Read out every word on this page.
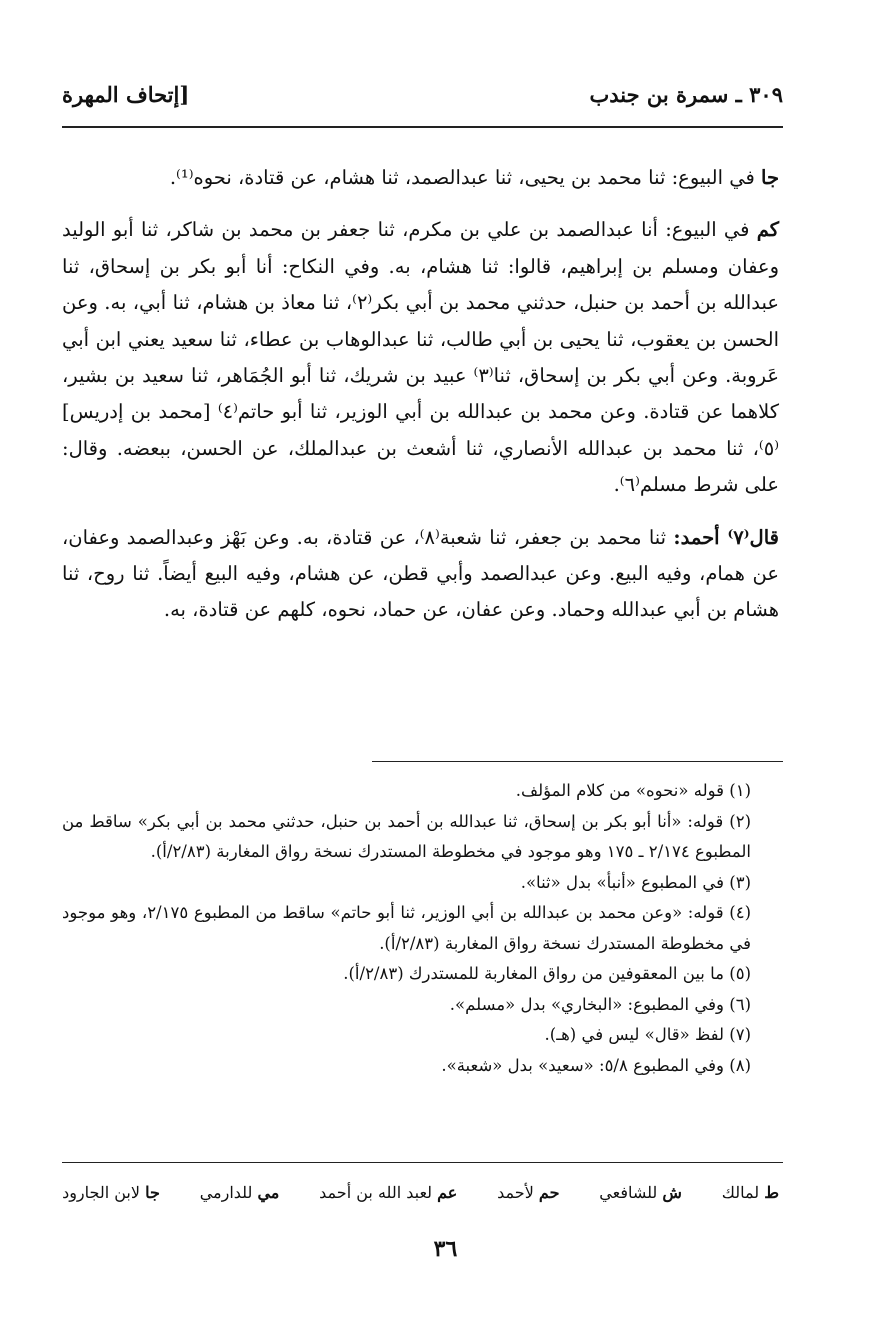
٣٠٩ ـ سمرة بن جندب
[إتحاف المهرة

جا في البيوع: ثنا محمد بن يحيى، ثنا عبدالصمد، ثنا هشام، عن قتادة، نحوه⁽¹⁾.

كم في البيوع: أنا عبدالصمد بن علي بن مكرم، ثنا جعفر بن محمد بن شاكر، ثنا أبو الوليد وعفان ومسلم بن إبراهيم، قالوا: ثنا هشام، به. وفي النكاح: أنا أبو بكر بن إسحاق، ثنا عبدالله بن أحمد بن حنبل، حدثني محمد بن أبي بكر⁽٢⁾، ثنا معاذ بن هشام، ثنا أبي، به. وعن الحسن بن يعقوب، ثنا يحيى بن أبي طالب، ثنا عبدالوهاب بن عطاء، ثنا سعيد يعني ابن أبي عَروبة. وعن أبي بكر بن إسحاق، ثنا⁽٣⁾ عبيد بن شريك، ثنا أبو الجُمَاهر، ثنا سعيد بن بشير، كلاهما عن قتادة. وعن محمد بن عبدالله بن أبي الوزير، ثنا أبو حاتم⁽٤⁾ [محمد بن إدريس]⁽٥⁾، ثنا محمد بن عبدالله الأنصاري، ثنا أشعث بن عبدالملك، عن الحسن، ببعضه. وقال: على شرط مسلم⁽٦⁾.

قال⁽٧⁾ أحمد: ثنا محمد بن جعفر، ثنا شعبة⁽٨⁾، عن قتادة، به. وعن بَهْز وعبدالصمد وعفان، عن همام، وفيه البيع. وعن عبدالصمد وأبي قطن، عن هشام، وفيه البيع أيضاً. ثنا روح، ثنا هشام بن أبي عبدالله وحماد. وعن عفان، عن حماد، نحوه، كلهم عن قتادة، به.

(١) قوله «نحوه» من كلام المؤلف.

(٢) قوله: «أنا أبو بكر بن إسحاق، ثنا عبدالله بن أحمد بن حنبل، حدثني محمد بن أبي بكر» ساقط من المطبوع ٢/١٧٤ ـ ١٧٥ وهو موجود في مخطوطة المستدرك نسخة رواق المغاربة (٢/٨٣/أ).

(٣) في المطبوع «أنبأ» بدل «ثنا».

(٤) قوله: «وعن محمد بن عبدالله بن أبي الوزير، ثنا أبو حاتم» ساقط من المطبوع ٢/١٧٥، وهو موجود في مخطوطة المستدرك نسخة رواق المغاربة (٢/٨٣/أ).

(٥) ما بين المعقوفين من رواق المغاربة للمستدرك (٢/٨٣/أ).

(٦) وفي المطبوع: «البخاري» بدل «مسلم».

(٧) لفظ «قال» ليس في (هـ).

(٨) وفي المطبوع ٥/٨: «سعيد» بدل «شعبة».

ط لمالك
ش للشافعي
حم لأحمد
عم لعبد الله بن أحمد
مي للدارمي
جا لابن الجارود
٣٦
